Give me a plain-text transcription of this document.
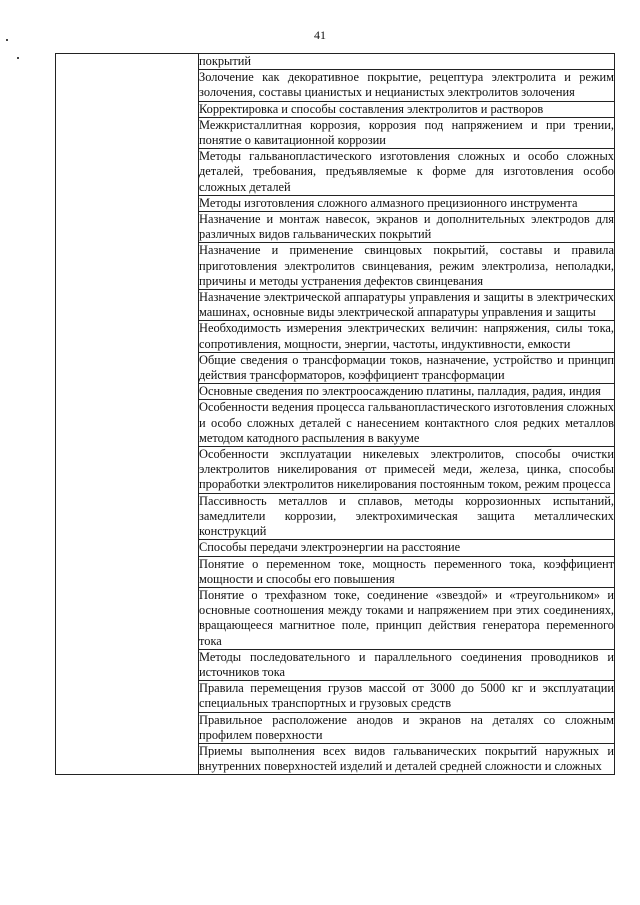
41
	покрытий
Золочение как декоративное покрытие, рецептура электролита и режим золочения, составы цианистых и нецианистых электролитов золочения
Корректировка и способы составления электролитов и растворов
Межкристаллитная коррозия, коррозия под напряжением и при трении, понятие о кавитационной коррозии
Методы гальванопластического изготовления сложных и особо сложных деталей, требования, предъявляемые к форме для изготовления особо сложных деталей
Методы изготовления сложного алмазного прецизионного инструмента
Назначение и монтаж навесок, экранов и дополнительных электродов для различных видов гальванических покрытий
Назначение и применение свинцовых покрытий, составы и правила приготовления электролитов свинцевания, режим электролиза, неполадки, причины и методы устранения дефектов свинцевания
Назначение электрической аппаратуры управления и защиты в электрических машинах, основные виды электрической аппаратуры управления и защиты
Необходимость измерения электрических величин: напряжения, силы тока, сопротивления, мощности, энергии, частоты, индуктивности, емкости
Общие сведения о трансформации токов, назначение, устройство и принцип действия трансформаторов, коэффициент трансформации
Основные сведения по электроосаждению платины, палладия, радия, индия
Особенности ведения процесса гальванопластического изготовления сложных и особо сложных деталей с нанесением контактного слоя редких металлов методом катодного распыления в вакууме
Особенности эксплуатации никелевых электролитов, способы очистки электролитов никелирования от примесей меди, железа, цинка, способы проработки электролитов никелирования постоянным током, режим процесса
Пассивность металлов и сплавов, методы коррозионных испытаний, замедлители коррозии, электрохимическая защита металлических конструкций
Способы передачи электроэнергии на расстояние
Понятие о переменном токе, мощность переменного тока, коэффициент мощности и способы его повышения
Понятие о трехфазном токе, соединение «звездой» и «треугольником» и основные соотношения между токами и напряжением при этих соединениях, вращающееся магнитное поле, принцип действия генератора переменного тока
Методы последовательного и параллельного соединения проводников и источников тока
Правила перемещения грузов массой от 3000 до 5000 кг и эксплуатации специальных транспортных и грузовых средств
Правильное расположение анодов и экранов на деталях со сложным профилем поверхности
Приемы выполнения всех видов гальванических покрытий наружных и внутренних поверхностей изделий и деталей средней сложности и сложных
